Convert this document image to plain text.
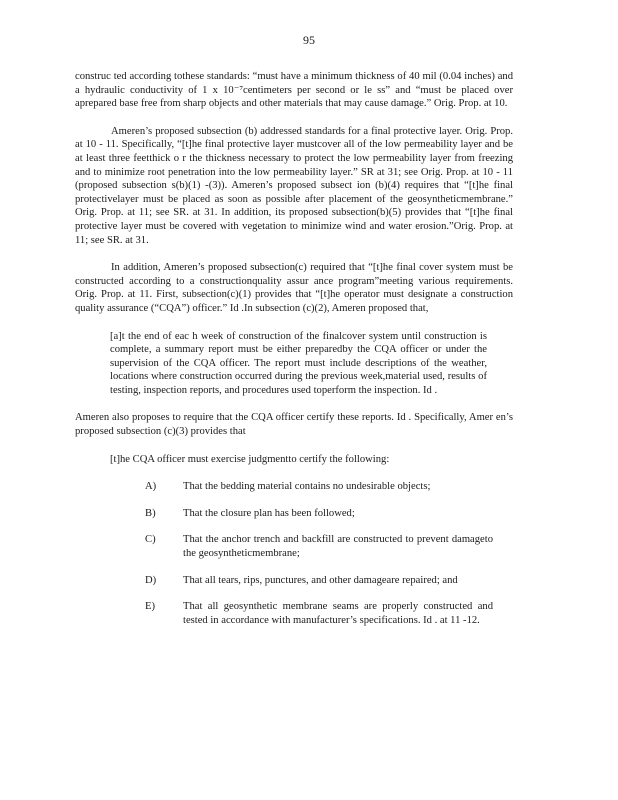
95

construc ted according tothese standards: “must have a minimum thickness of 40 mil (0.04 inches) and a hydraulic conductivity of 1 x 10⁻⁷centimeters per second or le ss” and “must be placed over aprepared base free from sharp objects and other materials that may cause damage.” Orig. Prop. at 10.

Ameren’s proposed subsection (b) addressed standards for a final protective layer. Orig. Prop. at 10 - 11. Specifically, “[t]he final protective layer mustcover all of the low permeability layer and be at least three feetthick o r the thickness necessary to protect the low permeability layer from freezing and to minimize root penetration into the low permeability layer.” SR at 31; see Orig. Prop. at 10 - 11 (proposed subsection s(b)(1) -(3)). Ameren’s proposed subsect ion (b)(4) requires that “[t]he final protectivelayer must be placed as soon as possible after placement of the geosyntheticmembrane.” Orig. Prop. at 11; see SR. at 31. In addition, its proposed subsection(b)(5) provides that “[t]he final protective layer must be covered with vegetation to minimize wind and water erosion.”Orig. Prop. at 11; see SR. at 31.

In addition, Ameren’s proposed subsection(c) required that “[t]he final cover system must be constructed according to a constructionquality assur ance program”meeting various requirements. Orig. Prop. at 11. First, subsection(c)(1) provides that “[t]he operator must designate a construction quality assurance (“CQA”) officer.” Id .In subsection (c)(2), Ameren proposed that,

[a]t the end of eac h week of construction of the finalcover system until construction is complete, a summary report must be either preparedby the CQA officer or under the supervision of the CQA officer. The report must include descriptions of the weather, locations where construction occurred during the previous week,material used, results of testing, inspection reports, and procedures used toperform the inspection. Id .

Ameren also proposes to require that the CQA officer certify these reports. Id . Specifically, Amer en’s proposed subsection (c)(3) provides that

[t]he CQA officer must exercise judgmentto certify the following:

A)	That the bedding material contains no undesirable objects;

B)	That the closure plan has been followed;

C)	That the anchor trench and backfill are constructed to prevent damageto the geosyntheticmembrane;

D)	That all tears, rips, punctures, and other damageare repaired; and

E)	That all geosynthetic membrane seams are properly constructed and tested in accordance with manufacturer’s specifications. Id . at 11 -12.
